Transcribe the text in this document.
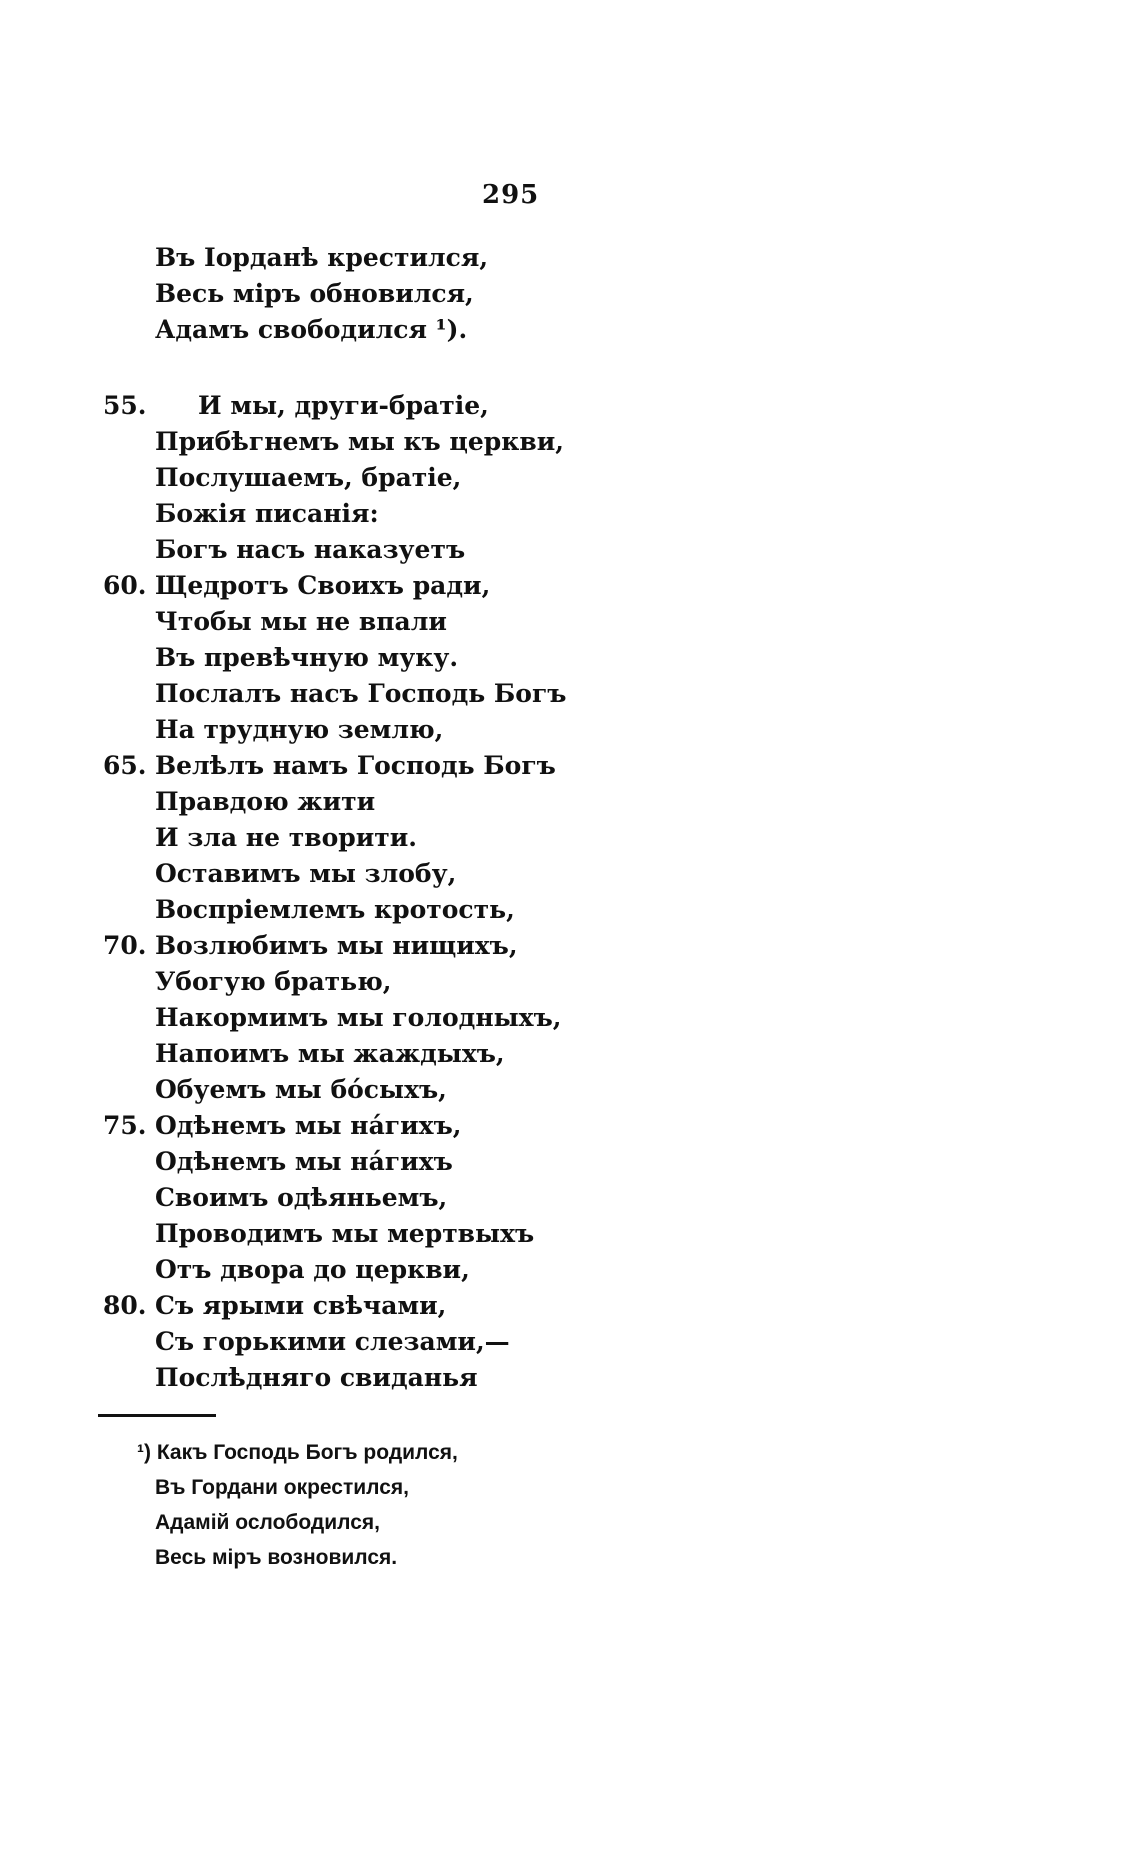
295
Въ Іорданѣ крестился,
Весь міръ обновился,
Адамъ свободился ¹).
55. И мы, други-братіе,
Прибѣгнемъ мы къ церкви,
Послушаемъ, братіе,
Божія писанія:
Богъ насъ наказуетъ
60. Щедротъ Своихъ ради,
Чтобы мы не впали
Въ превѣчную муку.
Послалъ насъ Господь Богъ
На трудную землю,
65. Велѣлъ намъ Господь Богъ
Правдою жити
И зла не творити.
Оставимъ мы злобу,
Воспріемлемъ кротость,
70. Возлюбимъ мы нищихъ,
Убогую братью,
Накормимъ мы голодныхъ,
Напоимъ мы жаждыхъ,
Обуемъ мы бо́сыхъ,
75. Одѣнемъ мы на́гихъ,
Одѣнемъ мы на́гихъ
Своимъ одѣяньемъ,
Проводимъ мы мертвыхъ
Отъ двора до церкви,
80. Съ ярыми свѣчами,
Съ горькими слезами,—
Послѣдняго свиданья
¹) Какъ Господь Богъ родился,
Въ Гордани окрестился,
Адамій ослободился,
Весь міръ возновился.
